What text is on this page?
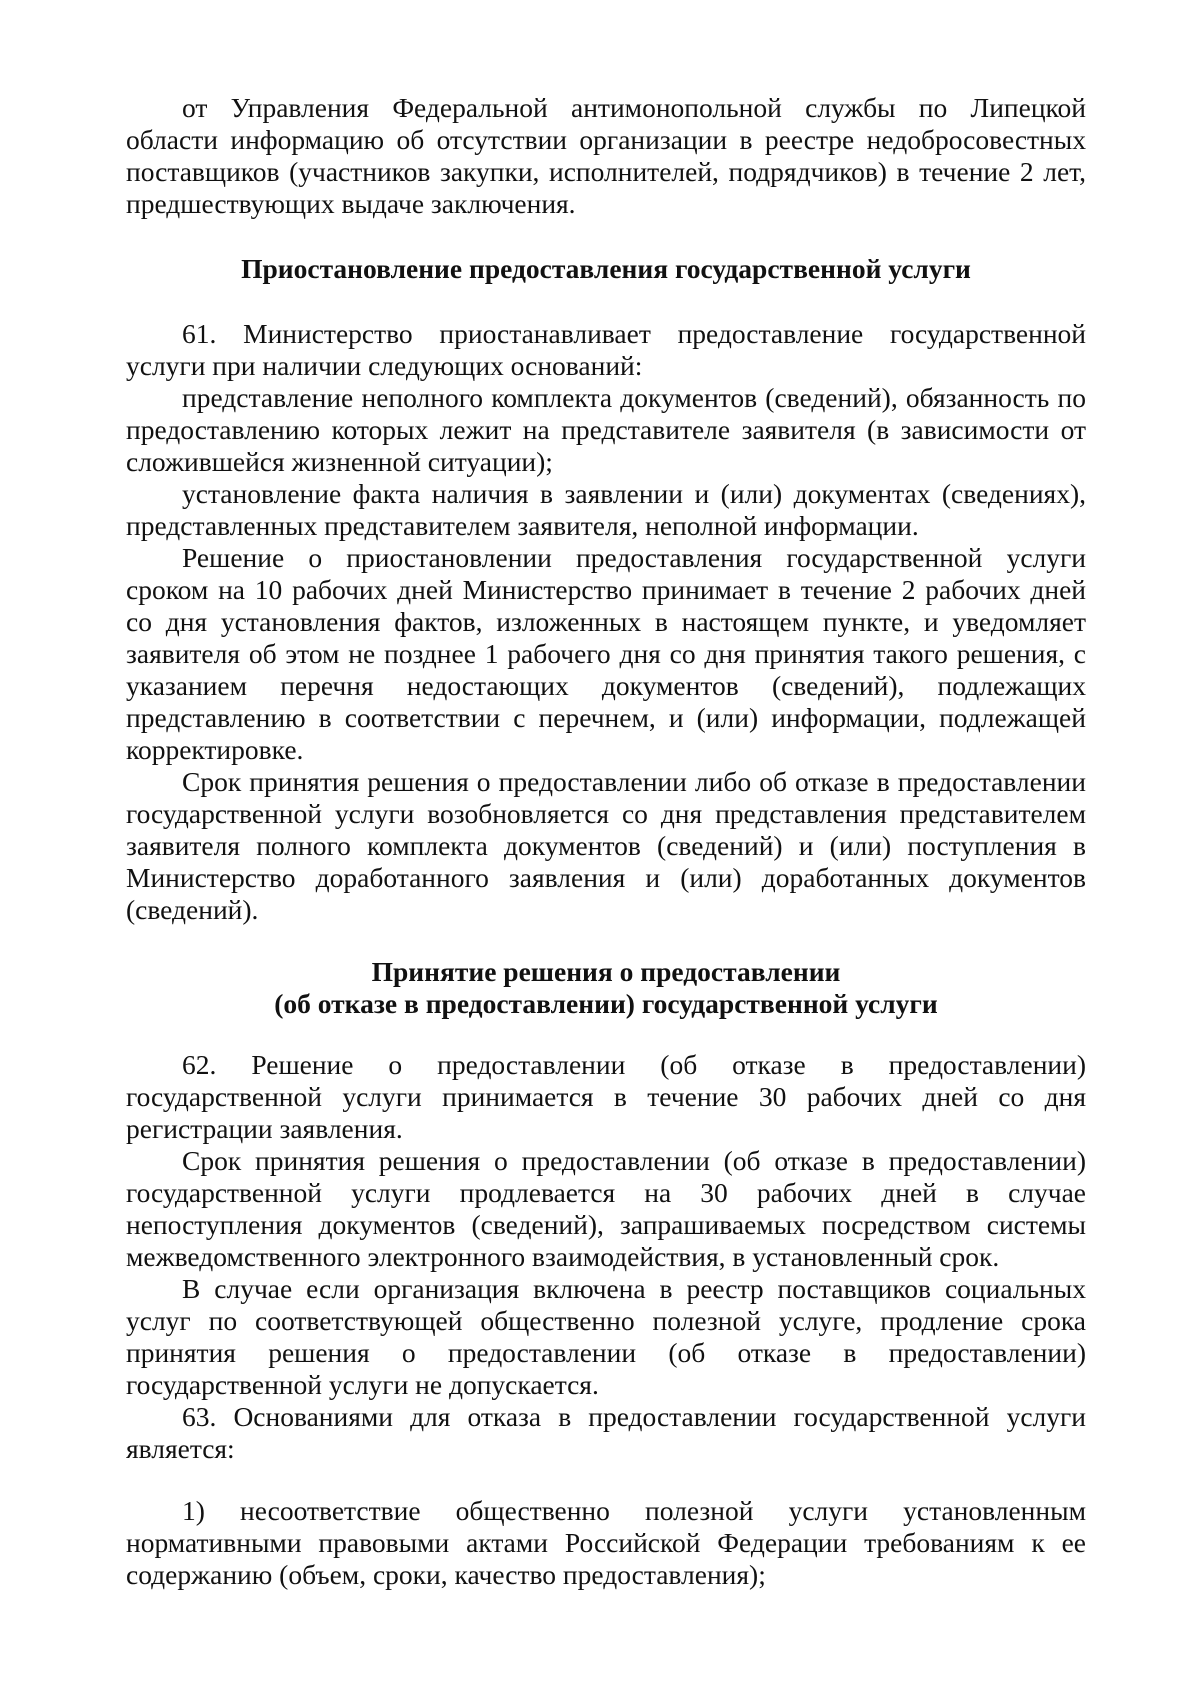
от Управления Федеральной антимонопольной службы по Липецкой области информацию об отсутствии организации в реестре недобросовестных поставщиков (участников закупки, исполнителей, подрядчиков) в течение 2 лет, предшествующих выдаче заключения.

Приостановление предоставления государственной услуги

61. Министерство приостанавливает предоставление государственной услуги при наличии следующих оснований:

представление неполного комплекта документов (сведений), обязанность по предоставлению которых лежит на представителе заявителя (в зависимости от сложившейся жизненной ситуации);

установление факта наличия в заявлении и (или) документах (сведениях), представленных представителем заявителя, неполной информации.

Решение о приостановлении предоставления государственной услуги сроком на 10 рабочих дней Министерство принимает в течение 2 рабочих дней со дня установления фактов, изложенных в настоящем пункте, и уведомляет заявителя об этом не позднее 1 рабочего дня со дня принятия такого решения, с указанием перечня недостающих документов (сведений), подлежащих представлению в соответствии с перечнем, и (или) информации, подлежащей корректировке.

Срок принятия решения о предоставлении либо об отказе в предоставлении государственной услуги возобновляется со дня представления представителем заявителя полного комплекта документов (сведений) и (или) поступления в Министерство доработанного заявления и (или) доработанных документов (сведений).

Принятие решения о предоставлении
(об отказе в предоставлении) государственной услуги

62. Решение о предоставлении (об отказе в предоставлении) государственной услуги принимается в течение 30 рабочих дней со дня регистрации заявления.

Срок принятия решения о предоставлении (об отказе в предоставлении) государственной услуги продлевается на 30 рабочих дней в случае непоступления документов (сведений), запрашиваемых посредством системы межведомственного электронного взаимодействия, в установленный срок.

В случае если организация включена в реестр поставщиков социальных услуг по соответствующей общественно полезной услуге, продление срока принятия решения о предоставлении (об отказе в предоставлении) государственной услуги не допускается.

63. Основаниями для отказа в предоставлении государственной услуги является:

1) несоответствие общественно полезной услуги установленным нормативными правовыми актами Российской Федерации требованиям к ее содержанию (объем, сроки, качество предоставления);
